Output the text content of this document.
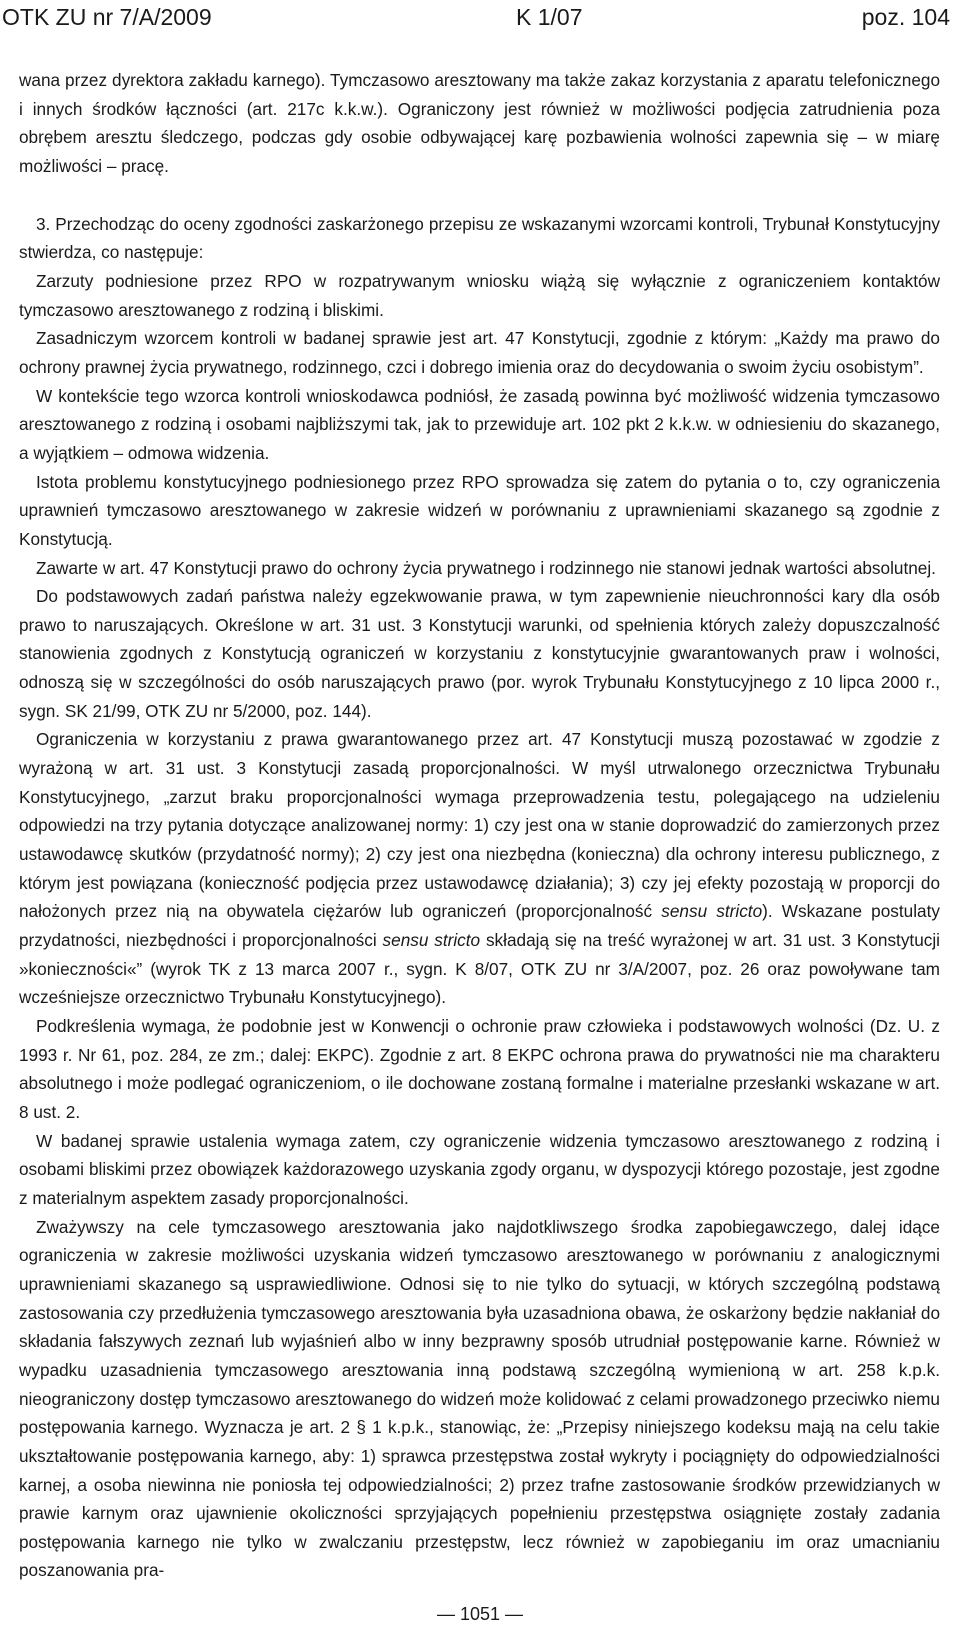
OTK ZU nr 7/A/2009	K 1/07	poz. 104

wana przez dyrektora zakładu karnego). Tymczasowo aresztowany ma także zakaz korzystania z aparatu telefonicznego i innych środków łączności (art. 217c k.k.w.). Ograniczony jest również w możliwości podjęcia zatrudnienia poza obrębem aresztu śledczego, podczas gdy osobie odbywającej karę pozbawienia wolności zapewnia się – w miarę możliwości – pracę.

3. Przechodząc do oceny zgodności zaskarżonego przepisu ze wskazanymi wzorcami kontroli, Trybunał Konstytucyjny stwierdza, co następuje:

Zarzuty podniesione przez RPO w rozpatrywanym wniosku wiążą się wyłącznie z ograniczeniem kontaktów tymczasowo aresztowanego z rodziną i bliskimi.

Zasadniczym wzorcem kontroli w badanej sprawie jest art. 47 Konstytucji, zgodnie z którym: „Każdy ma prawo do ochrony prawnej życia prywatnego, rodzinnego, czci i dobrego imienia oraz do decydowania o swoim życiu osobistym”.

W kontekście tego wzorca kontroli wnioskodawca podniósł, że zasadą powinna być możliwość widzenia tymczasowo aresztowanego z rodziną i osobami najbliższymi tak, jak to przewiduje art. 102 pkt 2 k.k.w. w odniesieniu do skazanego, a wyjątkiem – odmowa widzenia.

Istota problemu konstytucyjnego podniesionego przez RPO sprowadza się zatem do pytania o to, czy ograniczenia uprawnień tymczasowo aresztowanego w zakresie widzeń w porównaniu z uprawnieniami skazanego są zgodnie z Konstytucją.

Zawarte w art. 47 Konstytucji prawo do ochrony życia prywatnego i rodzinnego nie stanowi jednak wartości absolutnej.

Do podstawowych zadań państwa należy egzekwowanie prawa, w tym zapewnienie nieuchronności kary dla osób prawo to naruszających. Określone w art. 31 ust. 3 Konstytucji warunki, od spełnienia których zależy dopuszczalność stanowienia zgodnych z Konstytucją ograniczeń w korzystaniu z konstytucyjnie gwarantowanych praw i wolności, odnoszą się w szczególności do osób naruszających prawo (por. wyrok Trybunału Konstytucyjnego z 10 lipca 2000 r., sygn. SK 21/99, OTK ZU nr 5/2000, poz. 144).

Ograniczenia w korzystaniu z prawa gwarantowanego przez art. 47 Konstytucji muszą pozostawać w zgodzie z wyrażoną w art. 31 ust. 3 Konstytucji zasadą proporcjonalności. W myśl utrwalonego orzecznictwa Trybunału Konstytucyjnego, „zarzut braku proporcjonalności wymaga przeprowadzenia testu, polegającego na udzieleniu odpowiedzi na trzy pytania dotyczące analizowanej normy: 1) czy jest ona w stanie doprowadzić do zamierzonych przez ustawodawcę skutków (przydatność normy); 2) czy jest ona niezbędna (konieczna) dla ochrony interesu publicznego, z którym jest powiązana (konieczność podjęcia przez ustawodawcę działania); 3) czy jej efekty pozostają w proporcji do nałożonych przez nią na obywatela ciężarów lub ograniczeń (proporcjonalność sensu stricto). Wskazane postulaty przydatności, niezbędności i proporcjonalności sensu stricto składają się na treść wyrażonej w art. 31 ust. 3 Konstytucji »konieczności«” (wyrok TK z 13 marca 2007 r., sygn. K 8/07, OTK ZU nr 3/A/2007, poz. 26 oraz powoływane tam wcześniejsze orzecznictwo Trybunału Konstytucyjnego).

Podkreślenia wymaga, że podobnie jest w Konwencji o ochronie praw człowieka i podstawowych wolności (Dz. U. z 1993 r. Nr 61, poz. 284, ze zm.; dalej: EKPC). Zgodnie z art. 8 EKPC ochrona prawa do prywatności nie ma charakteru absolutnego i może podlegać ograniczeniom, o ile dochowane zostaną formalne i materialne przesłanki wskazane w art. 8 ust. 2.

W badanej sprawie ustalenia wymaga zatem, czy ograniczenie widzenia tymczasowo aresztowanego z rodziną i osobami bliskimi przez obowiązek każdorazowego uzyskania zgody organu, w dyspozycji którego pozostaje, jest zgodne z materialnym aspektem zasady proporcjonalności.

Zważywszy na cele tymczasowego aresztowania jako najdotkliwszego środka zapobiegawczego, dalej idące ograniczenia w zakresie możliwości uzyskania widzeń tymczasowo aresztowanego w porównaniu z analogicznymi uprawnieniami skazanego są usprawiedliwione. Odnosi się to nie tylko do sytuacji, w których szczególną podstawą zastosowania czy przedłużenia tymczasowego aresztowania była uzasadniona obawa, że oskarżony będzie nakłaniał do składania fałszywych zeznań lub wyjaśnień albo w inny bezprawny sposób utrudniał postępowanie karne. Również w wypadku uzasadnienia tymczasowego aresztowania inną podstawą szczególną wymienioną w art. 258 k.p.k. nieograniczony dostęp tymczasowo aresztowanego do widzeń może kolidować z celami prowadzonego przeciwko niemu postępowania karnego. Wyznacza je art. 2 § 1 k.p.k., stanowiąc, że: „Przepisy niniejszego kodeksu mają na celu takie ukształtowanie postępowania karnego, aby: 1) sprawca przestępstwa został wykryty i pociągnięty do odpowiedzialności karnej, a osoba niewinna nie poniosła tej odpowiedzialności; 2) przez trafne zastosowanie środków przewidzianych w prawie karnym oraz ujawnienie okoliczności sprzyjających popełnieniu przestępstwa osiągnięte zostały zadania postępowania karnego nie tylko w zwalczaniu przestępstw, lecz również w zapobieganiu im oraz umacnianiu poszanowania pra-

— 1051 —
